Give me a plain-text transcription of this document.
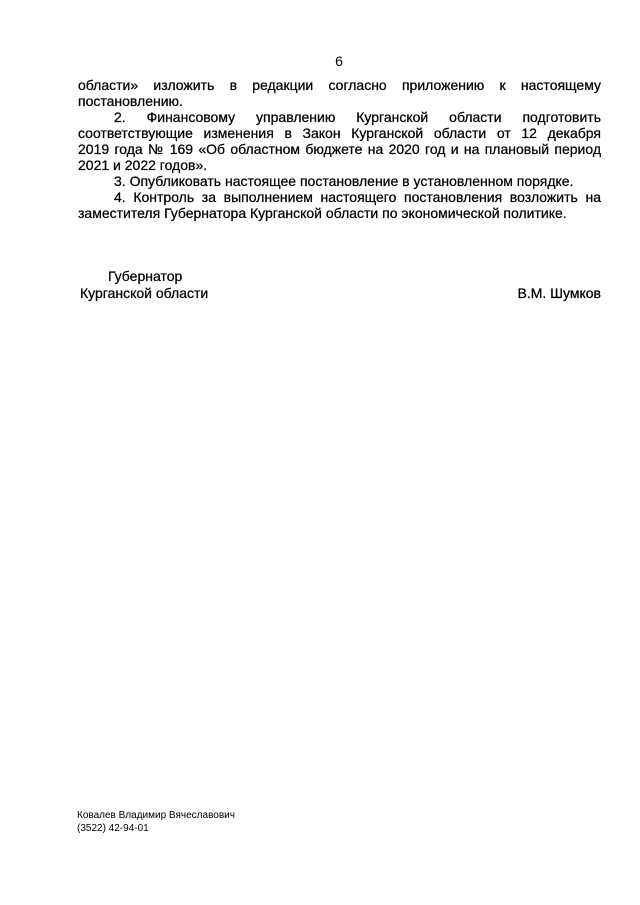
6
области» изложить в редакции согласно приложению к настоящему
постановлению.
2. Финансовому управлению Курганской области подготовить
соответствующие изменения в Закон Курганской области от 12 декабря
2019 года № 169 «Об областном бюджете на 2020 год и на плановый период
2021 и 2022 годов».
3. Опубликовать настоящее постановление в установленном порядке.
4. Контроль за выполнением настоящего постановления возложить на
заместителя Губернатора Курганской области по экономической политике.
Губернатор
Курганской области	В.М. Шумков
Ковалев Владимир Вячеславович
(3522) 42-94-01
